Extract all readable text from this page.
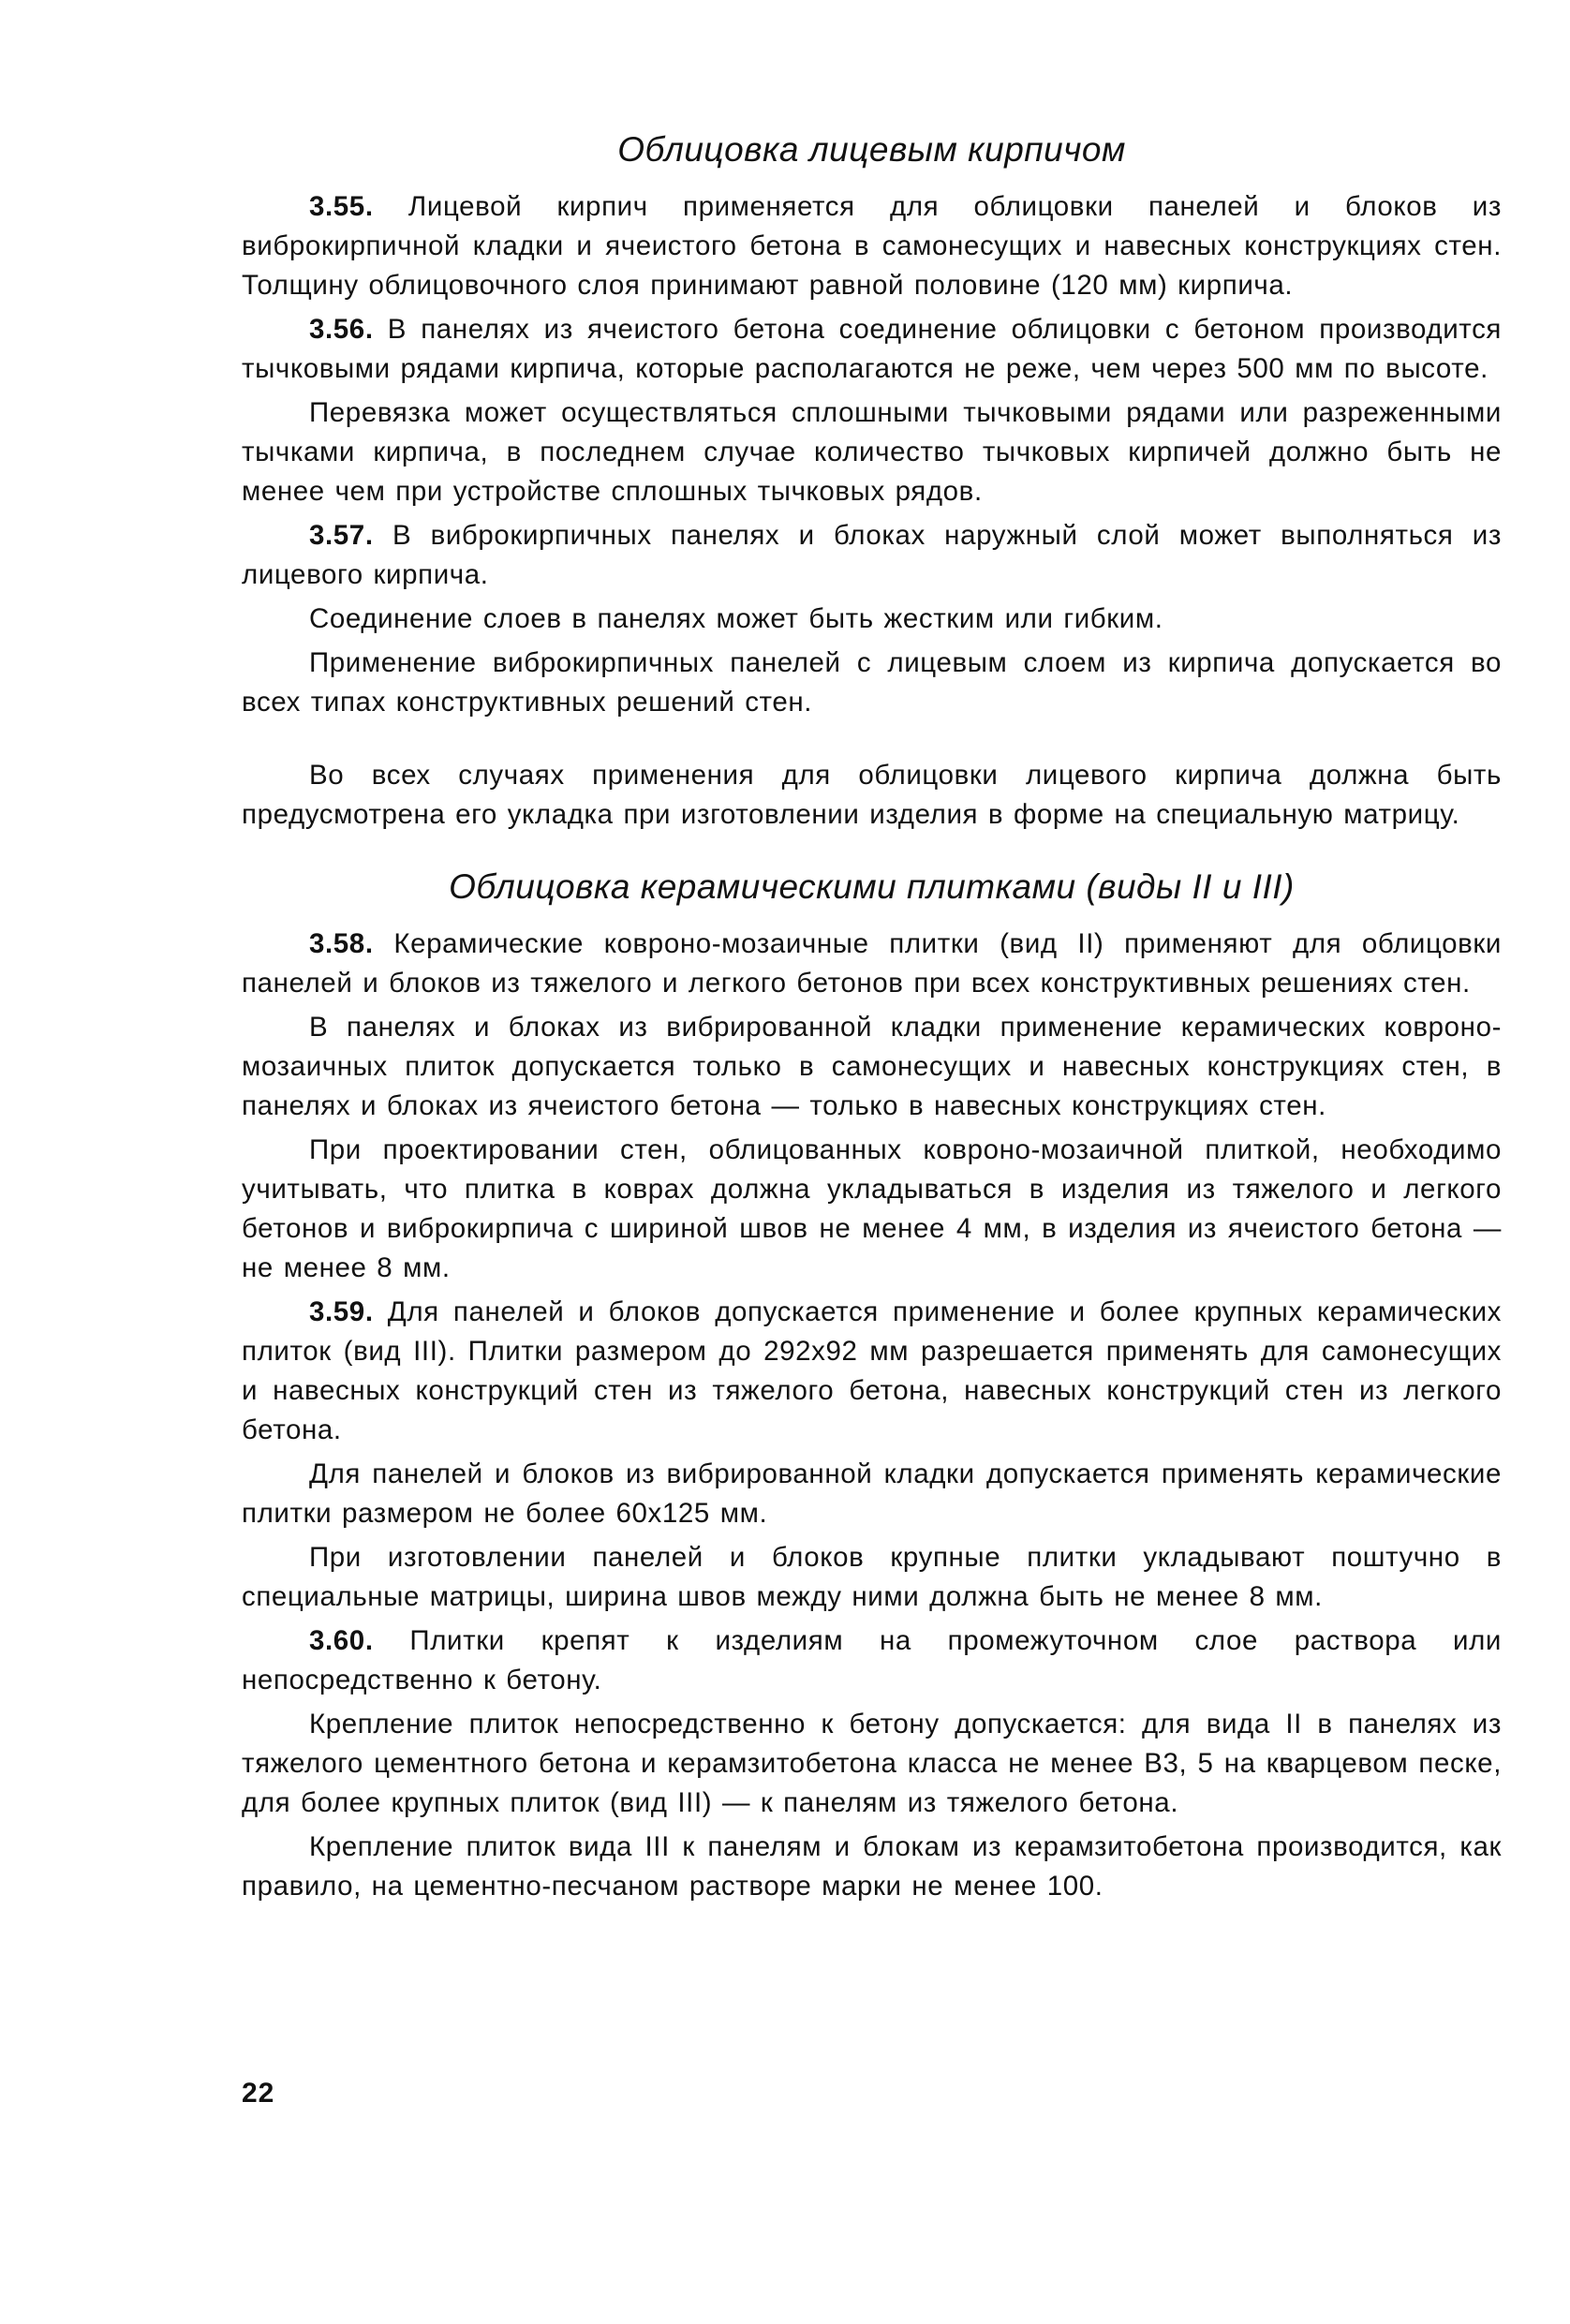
Облицовка лицевым кирпичом

3.55. Лицевой кирпич применяется для облицовки панелей и блоков из виброкирпичной кладки и ячеистого бетона в самонесущих и навесных конструкциях стен. Толщину облицовочного слоя принимают равной половине (120 мм) кирпича.

3.56. В панелях из ячеистого бетона соединение облицовки с бетоном производится тычковыми рядами кирпича, которые располагаются не реже, чем через 500 мм по высоте.

Перевязка может осуществляться сплошными тычковыми рядами или разреженными тычками кирпича, в последнем случае количество тычковых кирпичей должно быть не менее чем при устройстве сплошных тычковых рядов.

3.57. В виброкирпичных панелях и блоках наружный слой может выполняться из лицевого кирпича.

Соединение слоев в панелях может быть жестким или гибким.

Применение виброкирпичных панелей с лицевым слоем из кирпича допускается во всех типах конструктивных решений стен.

Во всех случаях применения для облицовки лицевого кирпича должна быть предусмотрена его укладка при изготовлении изделия в форме на специальную матрицу.

Облицовка керамическими плитками (виды II и III)

3.58. Керамические ковроно-мозаичные плитки (вид II) применяют для облицовки панелей и блоков из тяжелого и легкого бетонов при всех конструктивных решениях стен.

В панелях и блоках из вибрированной кладки применение керамических ковроно-мозаичных плиток допускается только в самонесущих и навесных конструкциях стен, в панелях и блоках из ячеистого бетона — только в навесных конструкциях стен.

При проектировании стен, облицованных ковроно-мозаичной плиткой, необходимо учитывать, что плитка в коврах должна укладываться в изделия из тяжелого и легкого бетонов и виброкирпича с шириной швов не менее 4 мм, в изделия из ячеистого бетона — не менее 8 мм.

3.59. Для панелей и блоков допускается применение и более крупных керамических плиток (вид III). Плитки размером до 292x92 мм разрешается применять для самонесущих и навесных конструкций стен из тяжелого бетона, навесных конструкций стен из легкого бетона.

Для панелей и блоков из вибрированной кладки допускается применять керамические плитки размером не более 60x125 мм.

При изготовлении панелей и блоков крупные плитки укладывают поштучно в специальные матрицы, ширина швов между ними должна быть не менее 8 мм.

3.60. Плитки крепят к изделиям на промежуточном слое раствора или непосредственно к бетону.

Крепление плиток непосредственно к бетону допускается: для вида II в панелях из тяжелого цементного бетона и керамзитобетона класса не менее В3, 5 на кварцевом песке, для более крупных плиток (вид III) — к панелям из тяжелого бетона.

Крепление плиток вида III к панелям и блокам из керамзитобетона производится, как правило, на цементно-песчаном растворе марки не менее 100.

22
